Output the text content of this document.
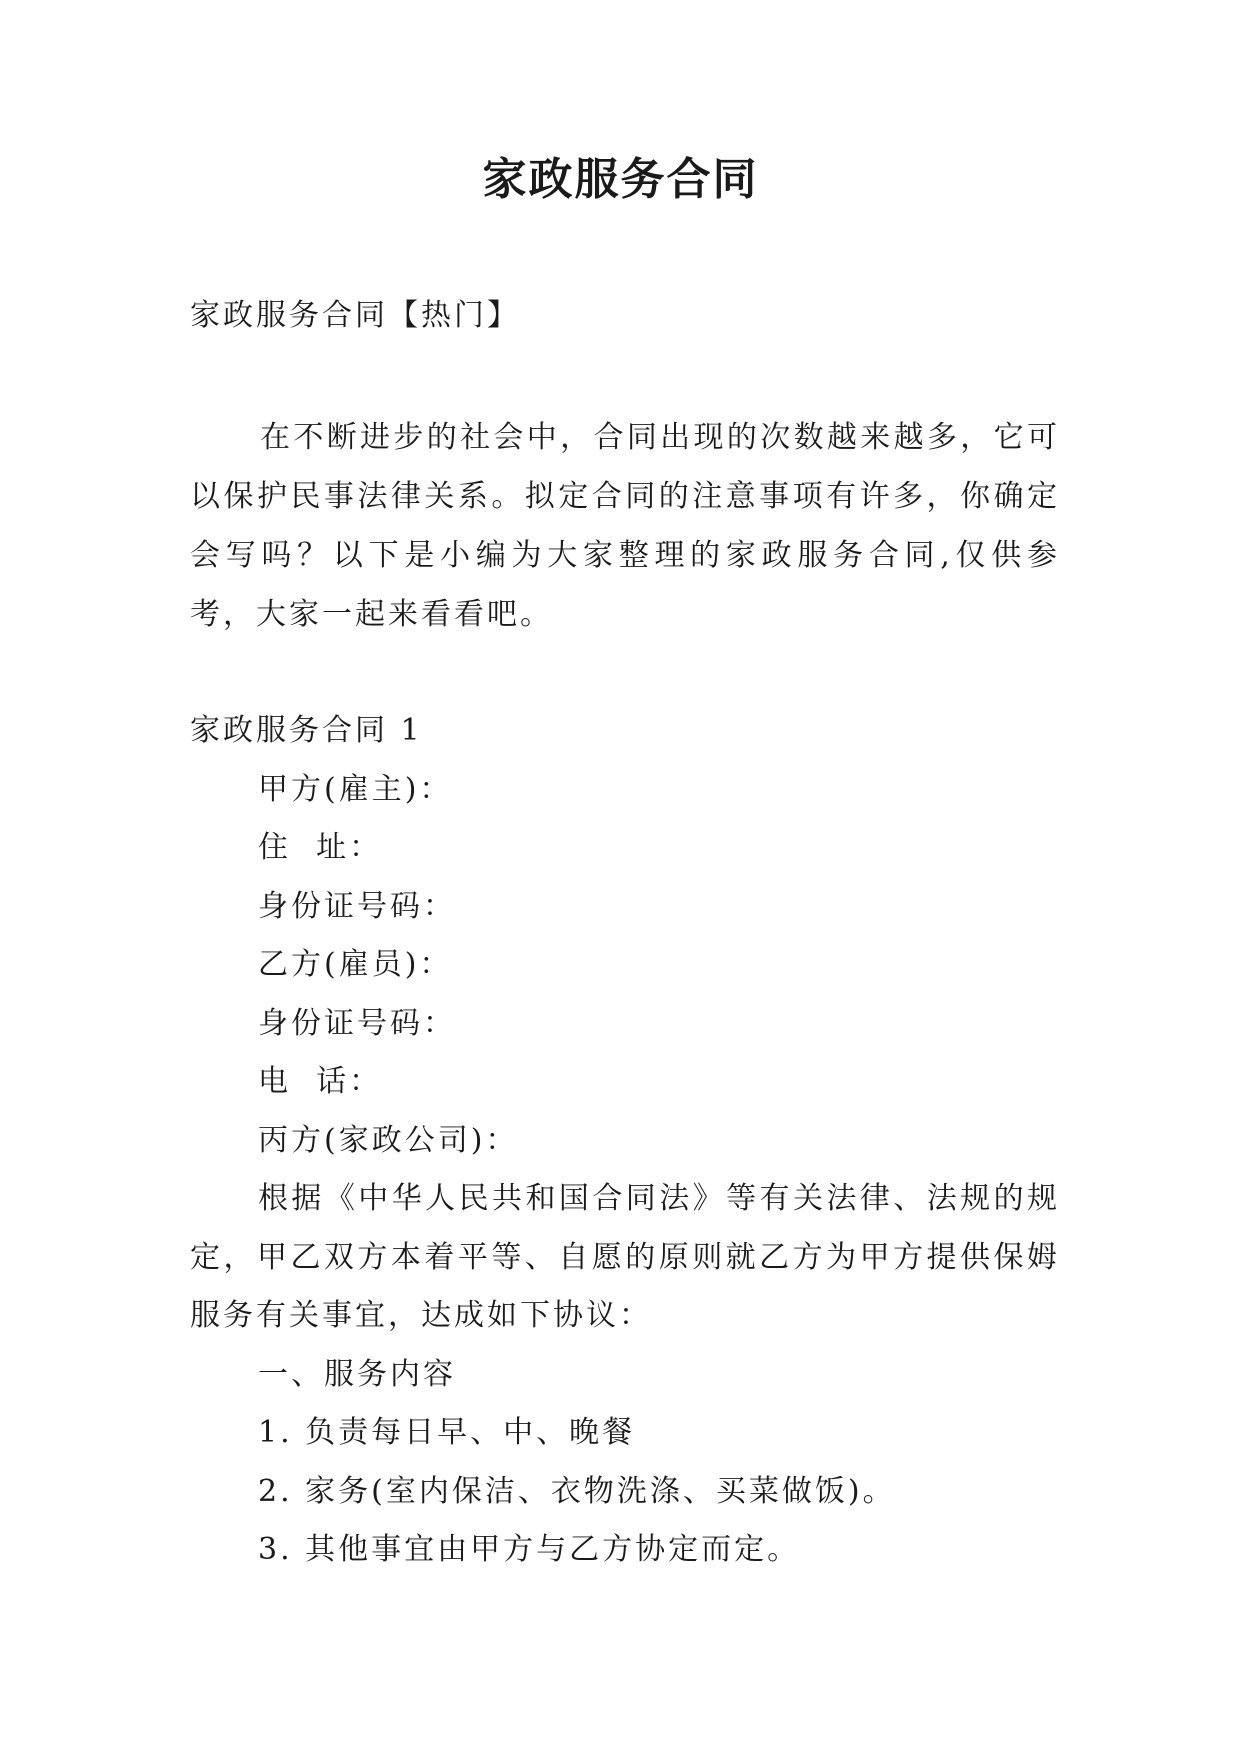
家政服务合同
家政服务合同【热门】
在不断进步的社会中，合同出现的次数越来越多，它可以保护民事法律关系。拟定合同的注意事项有许多，你确定会写吗？以下是小编为大家整理的家政服务合同,仅供参考，大家一起来看看吧。
家政服务合同 1
甲方(雇主)：
住  址：
身份证号码：
乙方(雇员)：
身份证号码：
电  话：
丙方(家政公司)：
根据《中华人民共和国合同法》等有关法律、法规的规定，甲乙双方本着平等、自愿的原则就乙方为甲方提供保姆服务有关事宜，达成如下协议：
一、服务内容
1. 负责每日早、中、晚餐
2. 家务(室内保洁、衣物洗涤、买菜做饭)。
3. 其他事宜由甲方与乙方协定而定。
